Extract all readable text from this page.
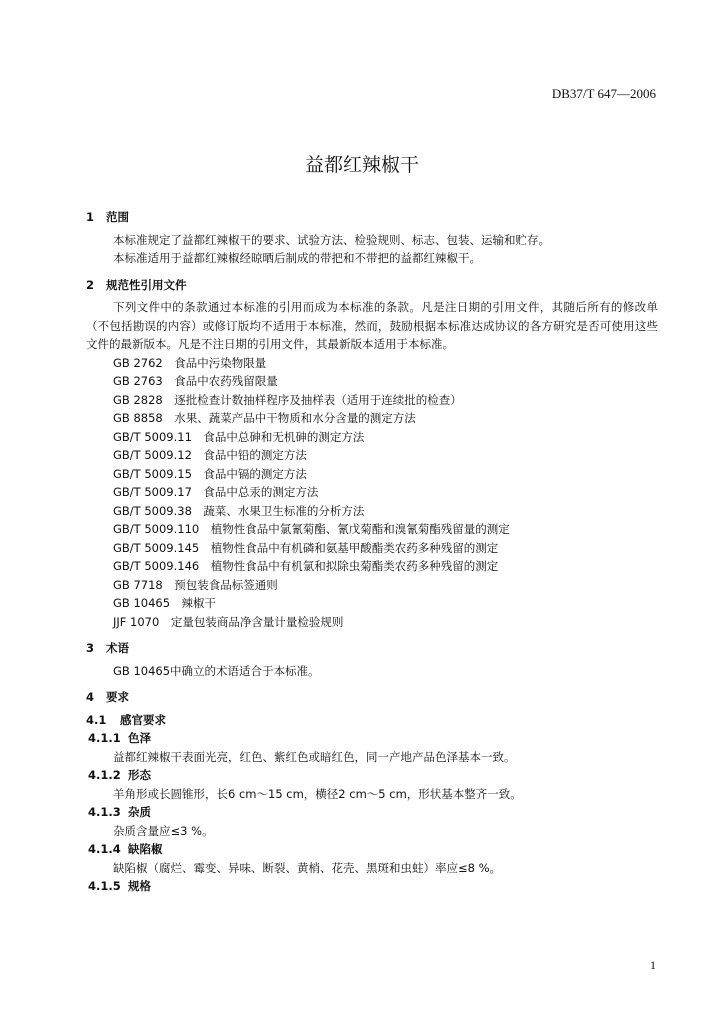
DB37/T 647—2006
益都红辣椒干
1 范围
本标准规定了益都红辣椒干的要求、试验方法、检验规则、标志、包装、运输和贮存。
本标准适用于益都红辣椒经晾晒后制成的带把和不带把的益都红辣椒干。
2 规范性引用文件
下列文件中的条款通过本标准的引用而成为本标准的条款。凡是注日期的引用文件，其随后所有的修改单（不包括勘误的内容）或修订版均不适用于本标准，然而，鼓励根据本标准达成协议的各方研究是否可使用这些文件的最新版本。凡是不注日期的引用文件，其最新版本适用于本标准。
GB 2762　食品中污染物限量
GB 2763　食品中农药残留限量
GB 2828　逐批检查计数抽样程序及抽样表（适用于连续批的检查）
GB 8858　水果、蔬菜产品中干物质和水分含量的测定方法
GB/T 5009.11　食品中总砷和无机砷的测定方法
GB/T 5009.12　食品中铅的测定方法
GB/T 5009.15　食品中镉的测定方法
GB/T 5009.17　食品中总汞的测定方法
GB/T 5009.38　蔬菜、水果卫生标准的分析方法
GB/T 5009.110　植物性食品中氯氰菊酯、氰戊菊酯和溴氰菊酯残留量的测定
GB/T 5009.145　植物性食品中有机磷和氨基甲酸酯类农药多种残留的测定
GB/T 5009.146　植物性食品中有机氯和拟除虫菊酯类农药多种残留的测定
GB 7718　预包装食品标签通则
GB 10465　辣椒干
JJF 1070　定量包装商品净含量计量检验规则
3 术语
GB 10465中确立的术语适合于本标准。
4 要求
4.1 感官要求
4.1.1 色泽
益都红辣椒干表面光亮，红色、紫红色或暗红色，同一产地产品色泽基本一致。
4.1.2 形态
羊角形或长圆锥形，长6 cm～15 cm，横径2 cm～5 cm，形状基本整齐一致。
4.1.3 杂质
杂质含量应≤3 %。
4.1.4 缺陷椒
缺陷椒（腐烂、霉变、异味、断裂、黄梢、花壳、黑斑和虫蛀）率应≤8 %。
4.1.5 规格
1
